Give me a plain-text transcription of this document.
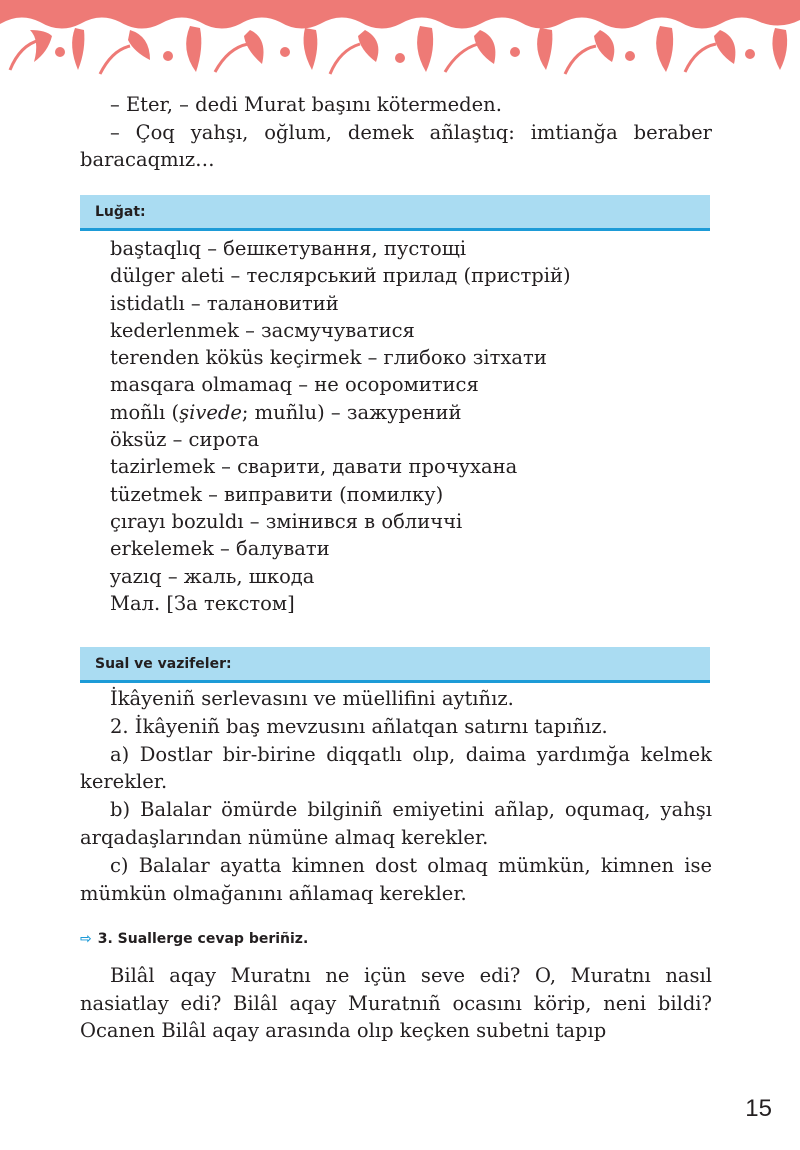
– Eter, – dedi Murat başını kötermeden.

– Çoq yahşı, oğlum, demek añlaştıq: imtianğa beraber baracaqmız…

Luğat:
baştaqlıq – бешкетування, пустощі
dülger aleti – теслярський прилад (пристрій)
istidatlı – талановитий
kederlenmek – засмучуватися
terenden köküs keçirmek – глибоко зітхати
masqara olmamaq – не осоромитися
moñlı (şivede; muñlu) – зажурений
öksüz – сирота
tazirlemek – сварити, давати прочухана
tüzetmek – виправити (помилку)
çırayı bozuldı – змінився в обличчі
erkelemek – балувати
yazıq – жаль, шкода
Мал. [За текстом]
Sual ve vazifeler:

İkâyeniñ serlevasını ve müellifini aytıñız.

2. İkâyeniñ baş mevzusını añlatqan satırnı tapıñız.

a) Dostlar bir-birine diqqatlı olıp, daima yardımğa kelmek kerekler.

b) Balalar ömürde bilginiñ emiyetini añlap, oqumaq, yahşı arqadaşlarından nümüne almaq kerekler.

c) Balalar ayatta kimnen dost olmaq mümkün, kimnen ise mümkün olmağanını añlamaq kerekler.

⇨ 3. Suallerge cevap beriñiz.

Bilâl aqay Muratnı ne içün seve edi? O, Muratnı nasıl nasiatlay edi? Bilâl aqay Muratnıñ ocasını körip, neni bildi? Ocanen Bilâl aqay arasında olıp keçken subetni tapıp

15
